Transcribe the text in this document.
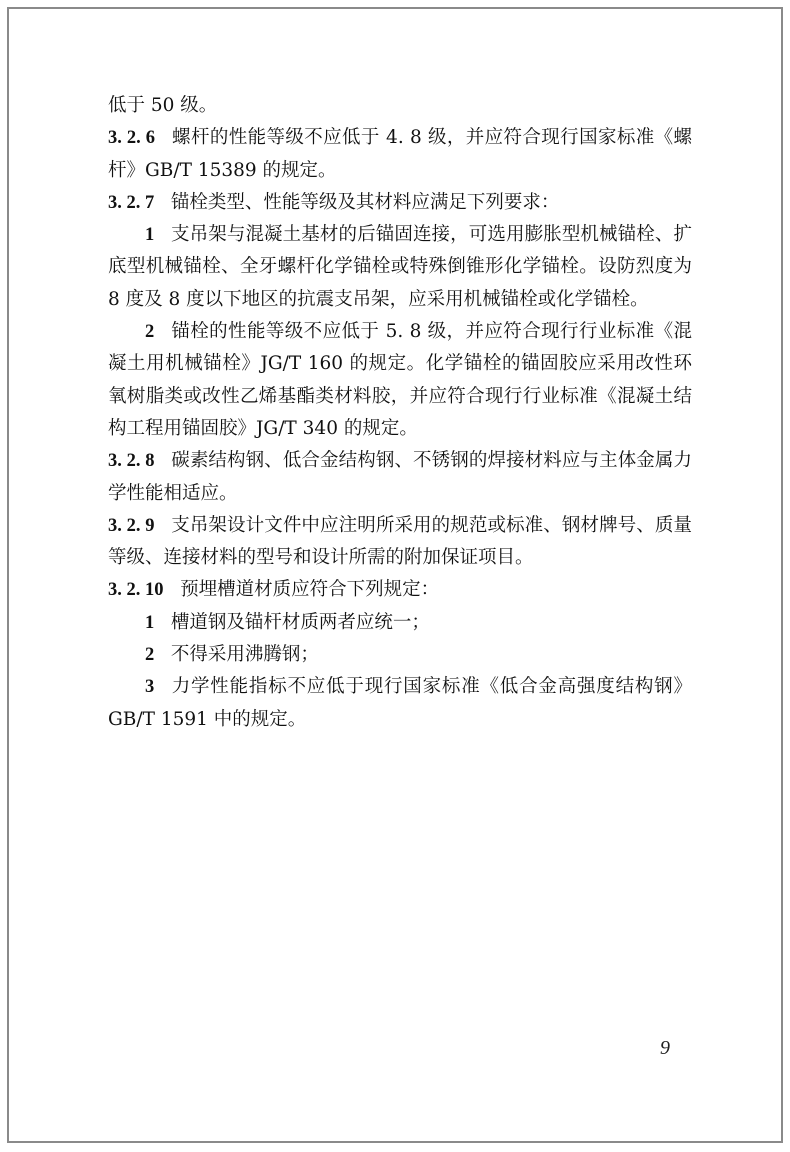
低于 50 级。

3. 2. 6 螺杆的性能等级不应低于 4. 8 级，并应符合现行国家标准《螺杆》GB/T 15389 的规定。

3. 2. 7 锚栓类型、性能等级及其材料应满足下列要求：

1 支吊架与混凝土基材的后锚固连接，可选用膨胀型机械锚栓、扩底型机械锚栓、全牙螺杆化学锚栓或特殊倒锥形化学锚栓。设防烈度为 8 度及 8 度以下地区的抗震支吊架，应采用机械锚栓或化学锚栓。

2 锚栓的性能等级不应低于 5. 8 级，并应符合现行行业标准《混凝土用机械锚栓》JG/T 160 的规定。化学锚栓的锚固胶应采用改性环氧树脂类或改性乙烯基酯类材料胶，并应符合现行行业标准《混凝土结构工程用锚固胶》JG/T 340 的规定。

3. 2. 8 碳素结构钢、低合金结构钢、不锈钢的焊接材料应与主体金属力学性能相适应。

3. 2. 9 支吊架设计文件中应注明所采用的规范或标准、钢材牌号、质量等级、连接材料的型号和设计所需的附加保证项目。

3. 2. 10 预埋槽道材质应符合下列规定：

1 槽道钢及锚杆材质两者应统一；

2 不得采用沸腾钢；

3 力学性能指标不应低于现行国家标准《低合金高强度结构钢》GB/T 1591 中的规定。

9
